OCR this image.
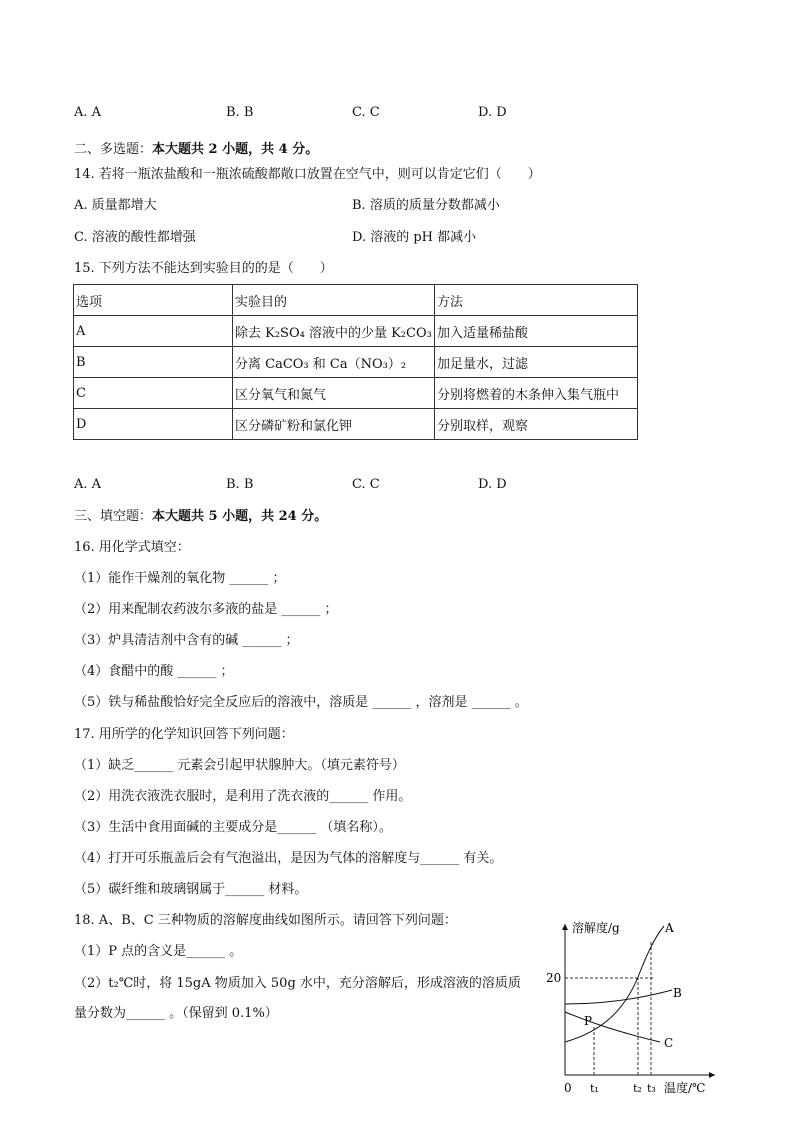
A. A	B. B	C. C	D. D
二、多选题：本大题共 2 小题，共 4 分。
14. 若将一瓶浓盐酸和一瓶浓硫酸都敞口放置在空气中，则可以肯定它们（　　）
A. 质量都增大	B. 溶质的质量分数都减小
C. 溶液的酸性都增强	D. 溶液的 pH 都减小
15. 下列方法不能达到实验目的的是（　　）
选项	实验目的	方法
A	除去 K₂SO₄ 溶液中的少量 K₂CO₃	加入适量稀盐酸
B	分离 CaCO₃ 和 Ca（NO₃）₂	加足量水，过滤
C	区分氧气和氮气	分别将燃着的木条伸入集气瓶中
D	区分磷矿粉和氯化钾	分别取样，观察
A. A	B. B	C. C	D. D
三、填空题：本大题共 5 小题，共 24 分。
16. 用化学式填空：
（1）能作干燥剂的氧化物 ______ ；
（2）用来配制农药波尔多液的盐是 ______ ；
（3）炉具清洁剂中含有的碱 ______ ；
（4）食醋中的酸 ______ ；
（5）铁与稀盐酸恰好完全反应后的溶液中，溶质是 ______ ，溶剂是 ______ 。
17. 用所学的化学知识回答下列问题：
（1）缺乏______ 元素会引起甲状腺肿大。（填元素符号）
（2）用洗衣液洗衣服时，是利用了洗衣液的______ 作用。
（3）生活中食用面碱的主要成分是______ （填名称）。
（4）打开可乐瓶盖后会有气泡溢出，是因为气体的溶解度与______ 有关。
（5）碳纤维和玻璃钢属于______ 材料。
18. A、B、C 三种物质的溶解度曲线如图所示。请回答下列问题：
（1）P 点的含义是______ 。
（2）t₂℃时，将 15gA 物质加入 50g 水中，充分溶解后，形成溶液的溶质质
量分数为______ 。（保留到 0.1%）
溶解度/g
20
0 t₁	t₂ t₃ 温度/℃
A
B
C
P
